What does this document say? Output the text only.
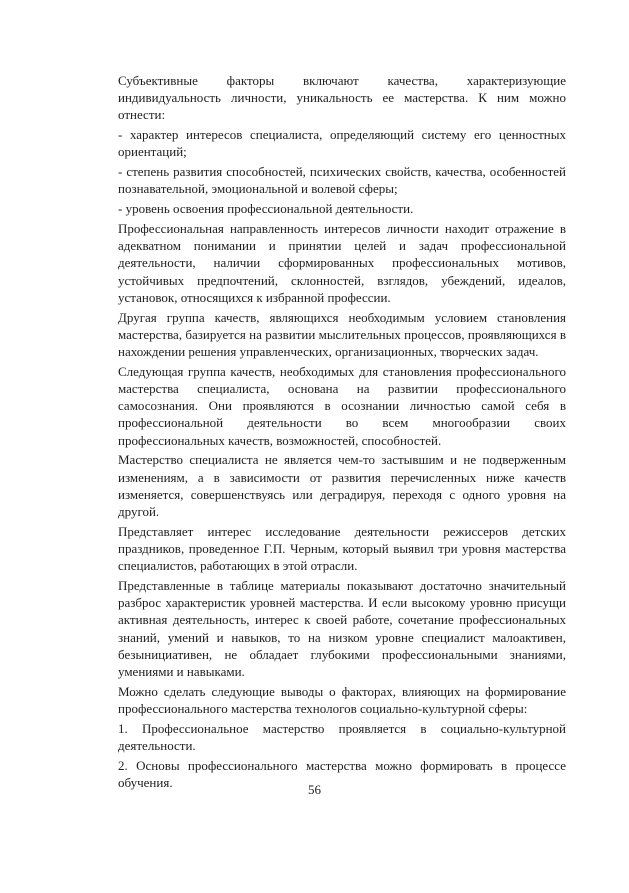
Субъективные факторы включают качества, характеризующие индивидуальность личности, уникальность ее мастерства. К ним можно отнести:

- характер интересов специалиста, определяющий систему его ценностных ориентаций;

- степень развития способностей, психических свойств, качества, особенностей познавательной, эмоциональной и волевой сферы;

- уровень освоения профессиональной деятельности.

Профессиональная направленность интересов личности находит отражение в адекватном понимании и принятии целей и задач профессиональной деятельности, наличии сформированных профессиональных мотивов, устойчивых предпочтений, склонностей, взглядов, убеждений, идеалов, установок, относящихся к избранной профессии.

Другая группа качеств, являющихся необходимым условием становления мастерства, базируется на развитии мыслительных процессов, проявляющихся в нахождении решения управленческих, организационных, творческих задач.

Следующая группа качеств, необходимых для становления профессионального мастерства специалиста, основана на развитии профессионального самосознания. Они проявляются в осознании личностью самой себя в профессиональной деятельности во всем многообразии своих профессиональных качеств, возможностей, способностей.

Мастерство специалиста не является чем-то застывшим и не подверженным изменениям, а в зависимости от развития перечисленных ниже качеств изменяется, совершенствуясь или деградируя, переходя с одного уровня на другой.

Представляет интерес исследование деятельности режиссеров детских праздников, проведенное Г.П. Черным, который выявил три уровня мастерства специалистов, работающих в этой отрасли.

Представленные в таблице материалы показывают достаточно значительный разброс характеристик уровней мастерства. И если высокому уровню присущи активная деятельность, интерес к своей работе, сочетание профессиональных знаний, умений и навыков, то на низком уровне специалист малоактивен, безынициативен, не обладает глубокими профессиональными знаниями, умениями и навыками.

Можно сделать следующие выводы о факторах, влияющих на формирование профессионального мастерства технологов социально-культурной сферы:

1. Профессиональное мастерство проявляется в социально-культурной деятельности.

2. Основы профессионального мастерства можно формировать в процессе обучения.	56
